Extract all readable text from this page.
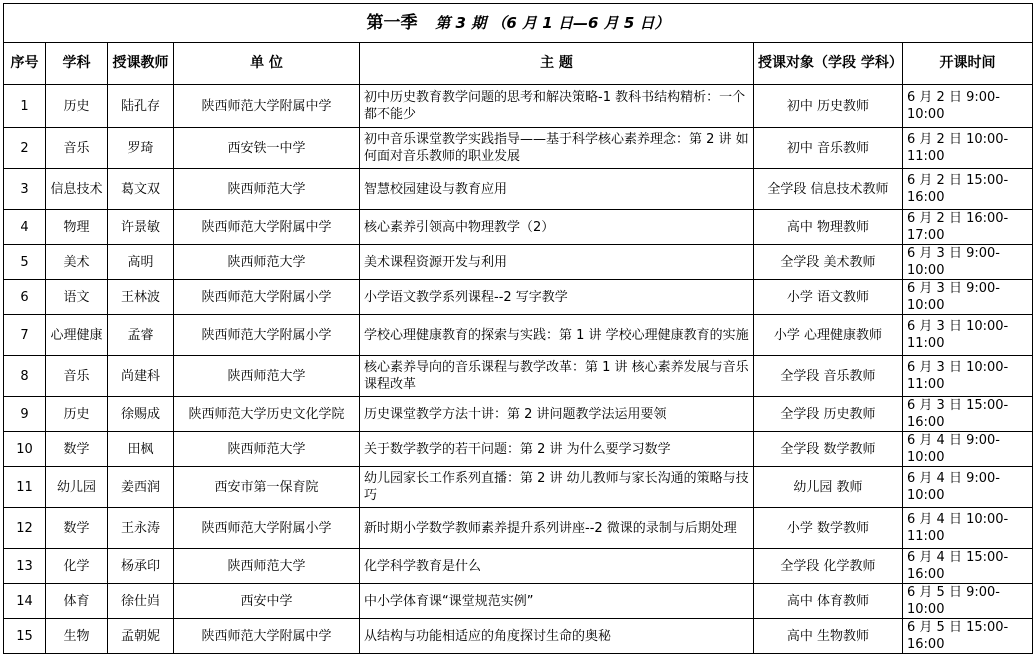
第一季 第 3 期 （6 月 1 日—6 月 5 日）						
序号	学科	授课教师	单 位	主 题	授课对象（学段 学科）	开课时间
1	历史	陆孔存	陕西师范大学附属中学	初中历史教育教学问题的思考和解决策略-1 教科书结构精析：一个都不能少	初中 历史教师	6 月 2 日 9:00-10:00
2	音乐	罗琦	西安铁一中学	初中音乐课堂教学实践指导——基于科学核心素养理念：第 2 讲 如何面对音乐教师的职业发展	初中 音乐教师	6 月 2 日 10:00-11:00
3	信息技术	葛文双	陕西师范大学	智慧校园建设与教育应用	全学段 信息技术教师	6 月 2 日 15:00-16:00
4	物理	许景敏	陕西师范大学附属中学	核心素养引领高中物理教学（2）	高中 物理教师	6 月 2 日 16:00-17:00
5	美术	高明	陕西师范大学	美术课程资源开发与利用	全学段 美术教师	6 月 3 日 9:00-10:00
6	语文	王林波	陕西师范大学附属小学	小学语文教学系列课程--2 写字教学	小学 语文教师	6 月 3 日 9:00-10:00
7	心理健康	孟睿	陕西师范大学附属小学	学校心理健康教育的探索与实践：第 1 讲 学校心理健康教育的实施	小学 心理健康教师	6 月 3 日 10:00-11:00
8	音乐	尚建科	陕西师范大学	核心素养导向的音乐课程与教学改革：第 1 讲 核心素养发展与音乐课程改革	全学段 音乐教师	6 月 3 日 10:00-11:00
9	历史	徐赐成	陕西师范大学历史文化学院	历史课堂教学方法十讲：第 2 讲问题教学法运用要领	全学段 历史教师	6 月 3 日 15:00-16:00
10	数学	田枫	陕西师范大学	关于数学教学的若干问题：第 2 讲 为什么要学习数学	全学段 数学教师	6 月 4 日 9:00-10:00
11	幼儿园	姜西润	西安市第一保育院	幼儿园家长工作系列直播：第 2 讲 幼儿教师与家长沟通的策略与技巧	幼儿园 教师	6 月 4 日 9:00-10:00
12	数学	王永涛	陕西师范大学附属小学	新时期小学数学教师素养提升系列讲座--2 微课的录制与后期处理	小学 数学教师	6 月 4 日 10:00-11:00
13	化学	杨承印	陕西师范大学	化学科学教育是什么	全学段 化学教师	6 月 4 日 15:00-16:00
14	体育	徐仕岿	西安中学	中小学体育课“课堂规范实例”	高中 体育教师	6 月 5 日 9:00-10:00
15	生物	孟朝妮	陕西师范大学附属中学	从结构与功能相适应的角度探讨生命的奥秘	高中 生物教师	6 月 5 日 15:00-16:00
